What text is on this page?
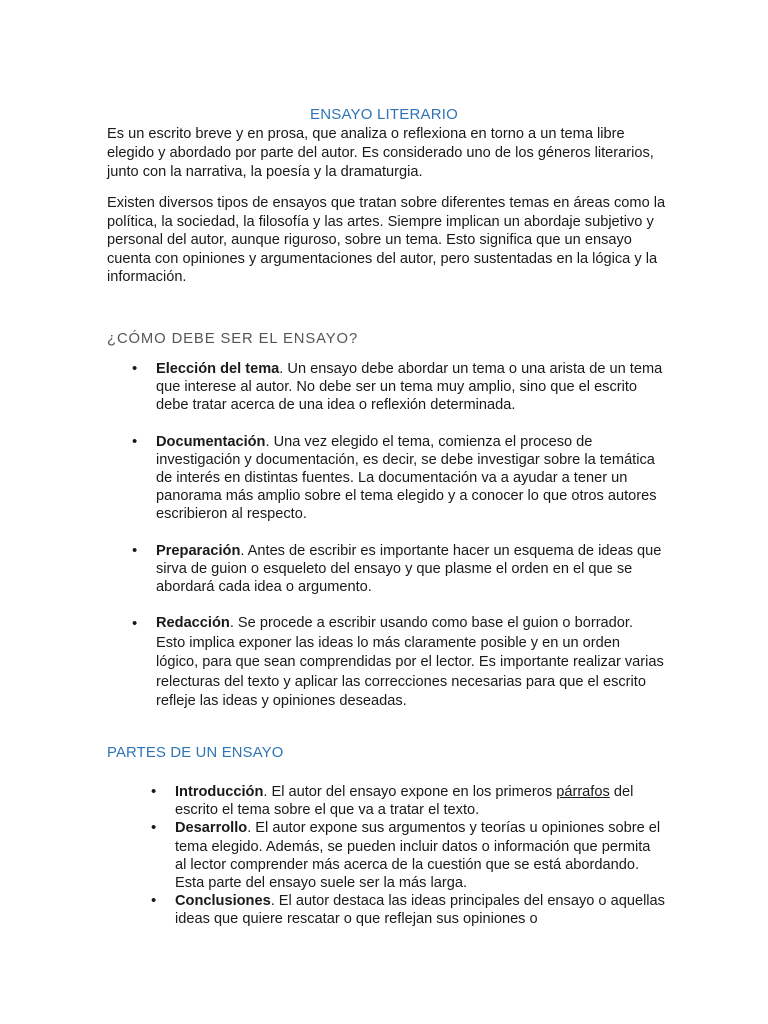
ENSAYO LITERARIO

Es un escrito breve y en prosa, que analiza o reflexiona en torno a un tema libre elegido y abordado por parte del autor. Es considerado uno de los géneros literarios, junto con la narrativa, la poesía y la dramaturgia.

Existen diversos tipos de ensayos que tratan sobre diferentes temas en áreas como la política, la sociedad, la filosofía y las artes. Siempre implican un abordaje subjetivo y personal del autor, aunque riguroso, sobre un tema. Esto significa que un ensayo cuenta con opiniones y argumentaciones del autor, pero sustentadas en la lógica y la información.

¿CÓMO DEBE SER EL ENSAYO?
• Elección del tema. Un ensayo debe abordar un tema o una arista de un tema que interese al autor. No debe ser un tema muy amplio, sino que el escrito debe tratar acerca de una idea o reflexión determinada.
• Documentación. Una vez elegido el tema, comienza el proceso de investigación y documentación, es decir, se debe investigar sobre la temática de interés en distintas fuentes. La documentación va a ayudar a tener un panorama más amplio sobre el tema elegido y a conocer lo que otros autores escribieron al respecto.
• Preparación. Antes de escribir es importante hacer un esquema de ideas que sirva de guion o esqueleto del ensayo y que plasme el orden en el que se abordará cada idea o argumento.
• Redacción. Se procede a escribir usando como base el guion o borrador. Esto implica exponer las ideas lo más claramente posible y en un orden lógico, para que sean comprendidas por el lector. Es importante realizar varias relecturas del texto y aplicar las correcciones necesarias para que el escrito refleje las ideas y opiniones deseadas.
PARTES DE UN ENSAYO
• Introducción. El autor del ensayo expone en los primeros párrafos del escrito el tema sobre el que va a tratar el texto.
• Desarrollo. El autor expone sus argumentos y teorías u opiniones sobre el tema elegido. Además, se pueden incluir datos o información que permita al lector comprender más acerca de la cuestión que se está abordando. Esta parte del ensayo suele ser la más larga.
• Conclusiones. El autor destaca las ideas principales del ensayo o aquellas ideas que quiere rescatar o que reflejan sus opiniones o
